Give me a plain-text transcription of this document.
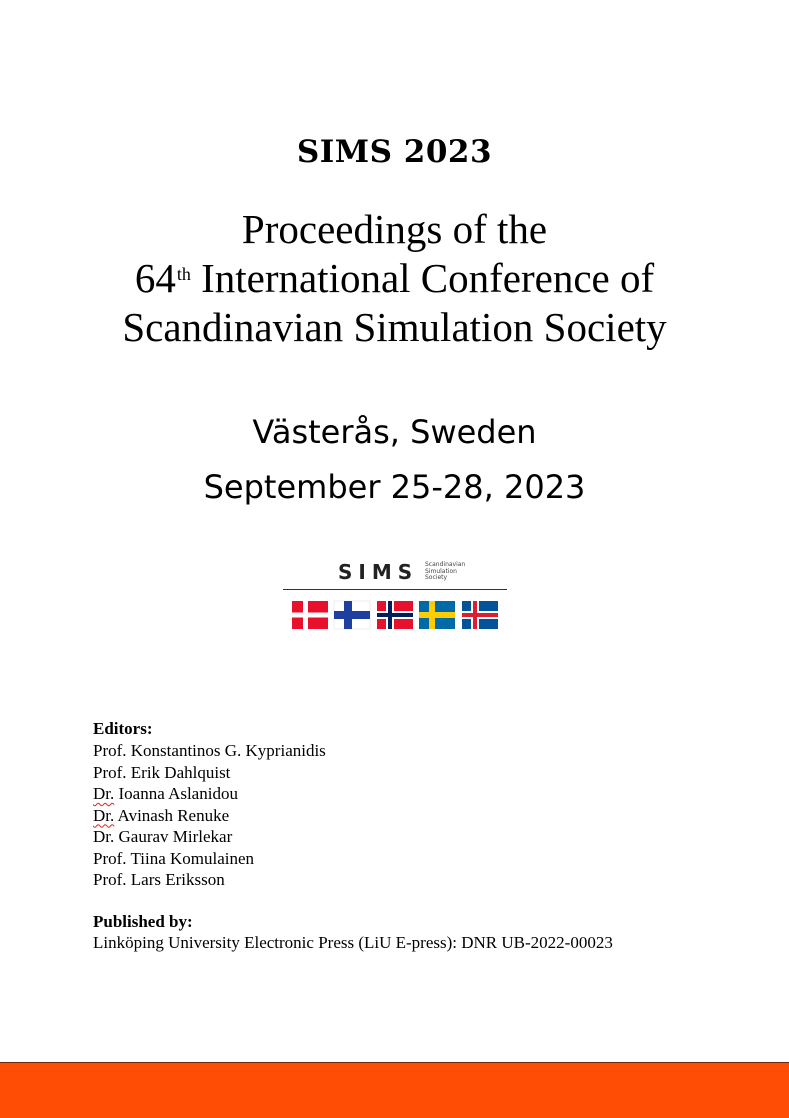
SIMS 2023
Proceedings of the
64th International Conference of
Scandinavian Simulation Society
Västerås, Sweden
September 25-28, 2023
SIMS Scandinavian
Simulation
Society
Editors:
Prof. Konstantinos G. Kyprianidis
Prof. Erik Dahlquist
Dr. Ioanna Aslanidou
Dr. Avinash Renuke
Dr. Gaurav Mirlekar
Prof. Tiina Komulainen
Prof. Lars Eriksson
Published by:
Linköping University Electronic Press (LiU E-press): DNR UB-2022-00023
